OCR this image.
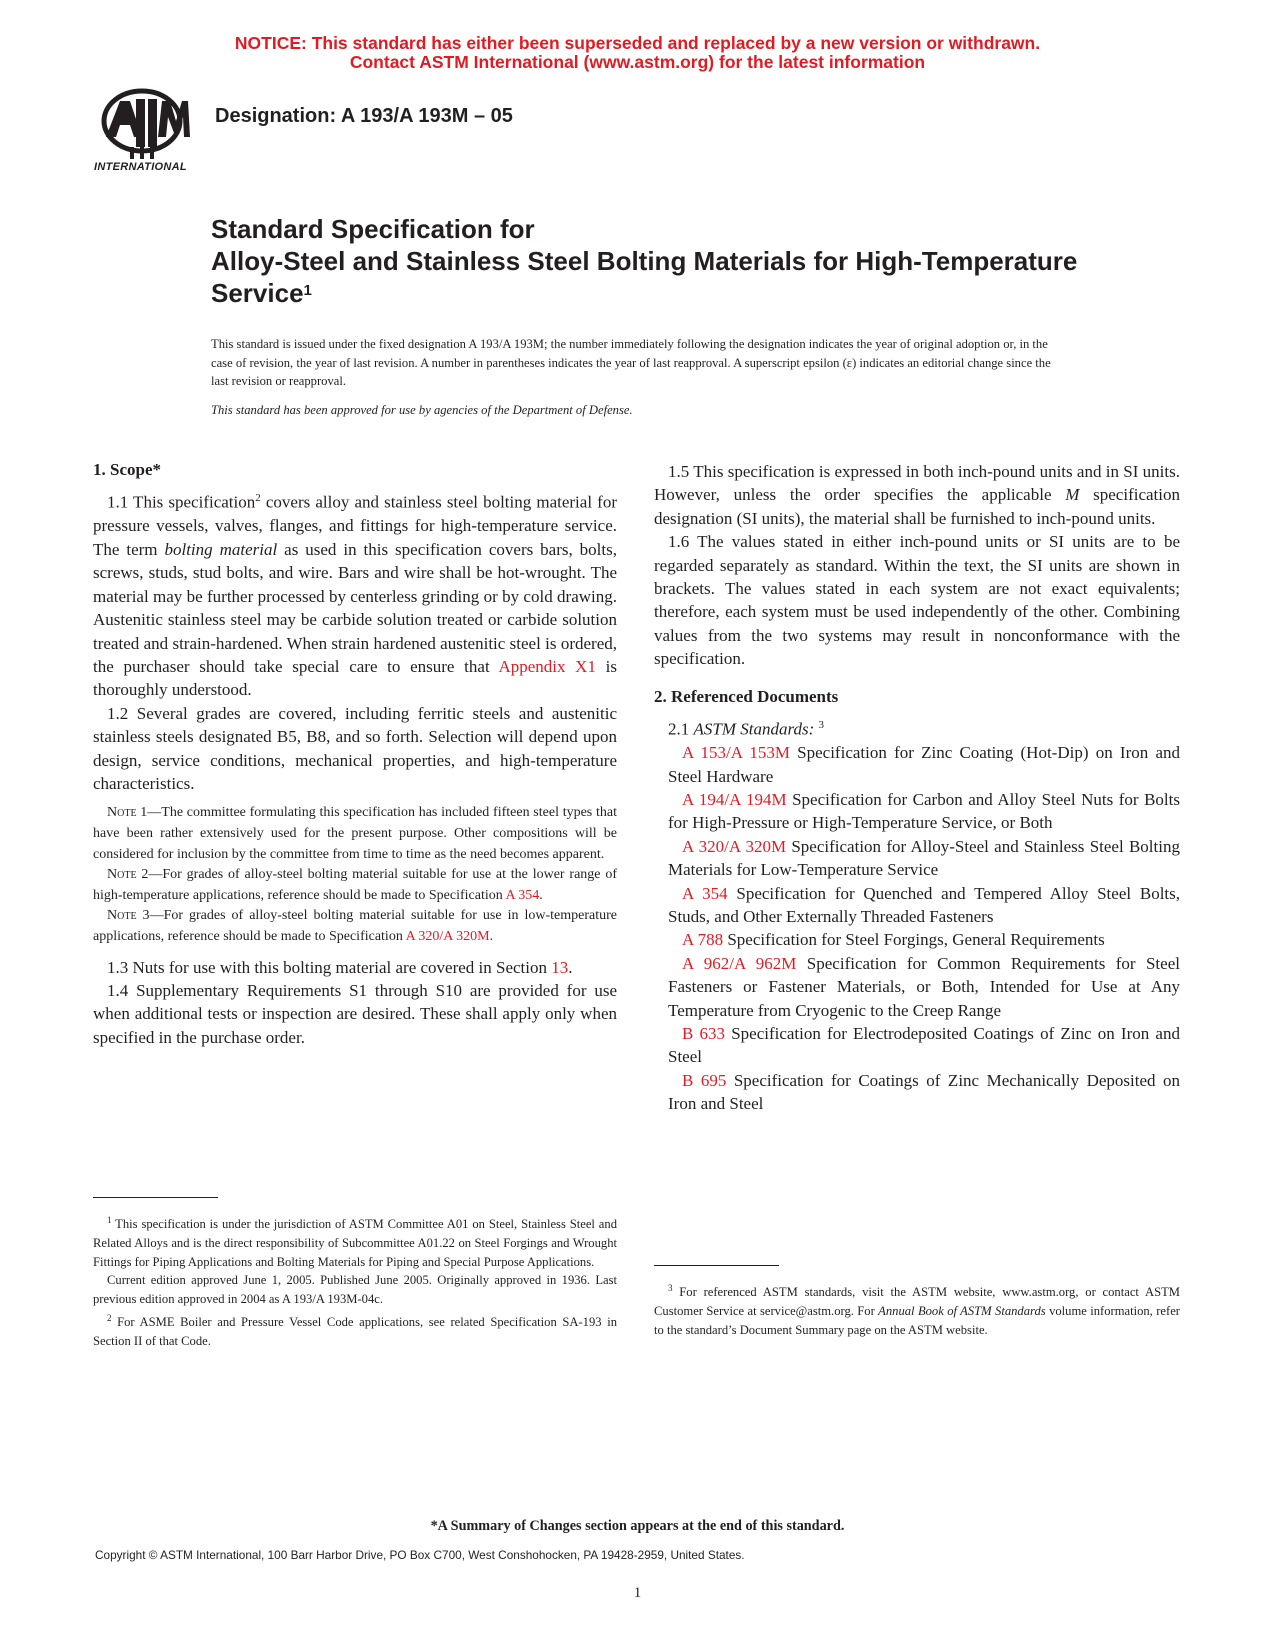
NOTICE: This standard has either been superseded and replaced by a new version or withdrawn.
Contact ASTM International (www.astm.org) for the latest information
INTERNATIONAL
Designation: A 193/A 193M – 05
Standard Specification for
Alloy-Steel and Stainless Steel Bolting Materials for High-Temperature Service$^1$
This standard is issued under the fixed designation A 193/A 193M; the number immediately following the designation indicates the year of original adoption or, in the case of revision, the year of last revision. A number in parentheses indicates the year of last reapproval. A superscript epsilon (ε) indicates an editorial change since the last revision or reapproval.
This standard has been approved for use by agencies of the Department of Defense.
1. Scope*

1.1 This specification$^2$ covers alloy and stainless steel bolting material for pressure vessels, valves, flanges, and fittings for high-temperature service. The term bolting material as used in this specification covers bars, bolts, screws, studs, stud bolts, and wire. Bars and wire shall be hot-wrought. The material may be further processed by centerless grinding or by cold drawing. Austenitic stainless steel may be carbide solution treated or carbide solution treated and strain-hardened. When strain hardened austenitic steel is ordered, the purchaser should take special care to ensure that Appendix X1 is thoroughly understood.

1.2 Several grades are covered, including ferritic steels and austenitic stainless steels designated B5, B8, and so forth. Selection will depend upon design, service conditions, mechanical properties, and high-temperature characteristics.

Note 1—The committee formulating this specification has included fifteen steel types that have been rather extensively used for the present purpose. Other compositions will be considered for inclusion by the committee from time to time as the need becomes apparent.

Note 2—For grades of alloy-steel bolting material suitable for use at the lower range of high-temperature applications, reference should be made to Specification A 354.

Note 3—For grades of alloy-steel bolting material suitable for use in low-temperature applications, reference should be made to Specification A 320/A 320M.

1.3 Nuts for use with this bolting material are covered in Section 13.

1.4 Supplementary Requirements S1 through S10 are provided for use when additional tests or inspection are desired. These shall apply only when specified in the purchase order.

1.5 This specification is expressed in both inch-pound units and in SI units. However, unless the order specifies the applicable M specification designation (SI units), the material shall be furnished to inch-pound units.

1.6 The values stated in either inch-pound units or SI units are to be regarded separately as standard. Within the text, the SI units are shown in brackets. The values stated in each system are not exact equivalents; therefore, each system must be used independently of the other. Combining values from the two systems may result in nonconformance with the specification.

2. Referenced Documents

2.1 ASTM Standards: $^3$

A 153/A 153M Specification for Zinc Coating (Hot-Dip) on Iron and Steel Hardware

A 194/A 194M Specification for Carbon and Alloy Steel Nuts for Bolts for High-Pressure or High-Temperature Service, or Both

A 320/A 320M Specification for Alloy-Steel and Stainless Steel Bolting Materials for Low-Temperature Service

A 354 Specification for Quenched and Tempered Alloy Steel Bolts, Studs, and Other Externally Threaded Fasteners

A 788 Specification for Steel Forgings, General Requirements

A 962/A 962M Specification for Common Requirements for Steel Fasteners or Fastener Materials, or Both, Intended for Use at Any Temperature from Cryogenic to the Creep Range

B 633 Specification for Electrodeposited Coatings of Zinc on Iron and Steel

B 695 Specification for Coatings of Zinc Mechanically Deposited on Iron and Steel

$^1$ This specification is under the jurisdiction of ASTM Committee A01 on Steel, Stainless Steel and Related Alloys and is the direct responsibility of Subcommittee A01.22 on Steel Forgings and Wrought Fittings for Piping Applications and Bolting Materials for Piping and Special Purpose Applications.

Current edition approved June 1, 2005. Published June 2005. Originally approved in 1936. Last previous edition approved in 2004 as A 193/A 193M-04c.

$^2$ For ASME Boiler and Pressure Vessel Code applications, see related Specification SA-193 in Section II of that Code.

$^3$ For referenced ASTM standards, visit the ASTM website, www.astm.org, or contact ASTM Customer Service at service@astm.org. For Annual Book of ASTM Standards volume information, refer to the standard’s Document Summary page on the ASTM website.

*A Summary of Changes section appears at the end of this standard.
Copyright © ASTM International, 100 Barr Harbor Drive, PO Box C700, West Conshohocken, PA 19428-2959, United States.
1
